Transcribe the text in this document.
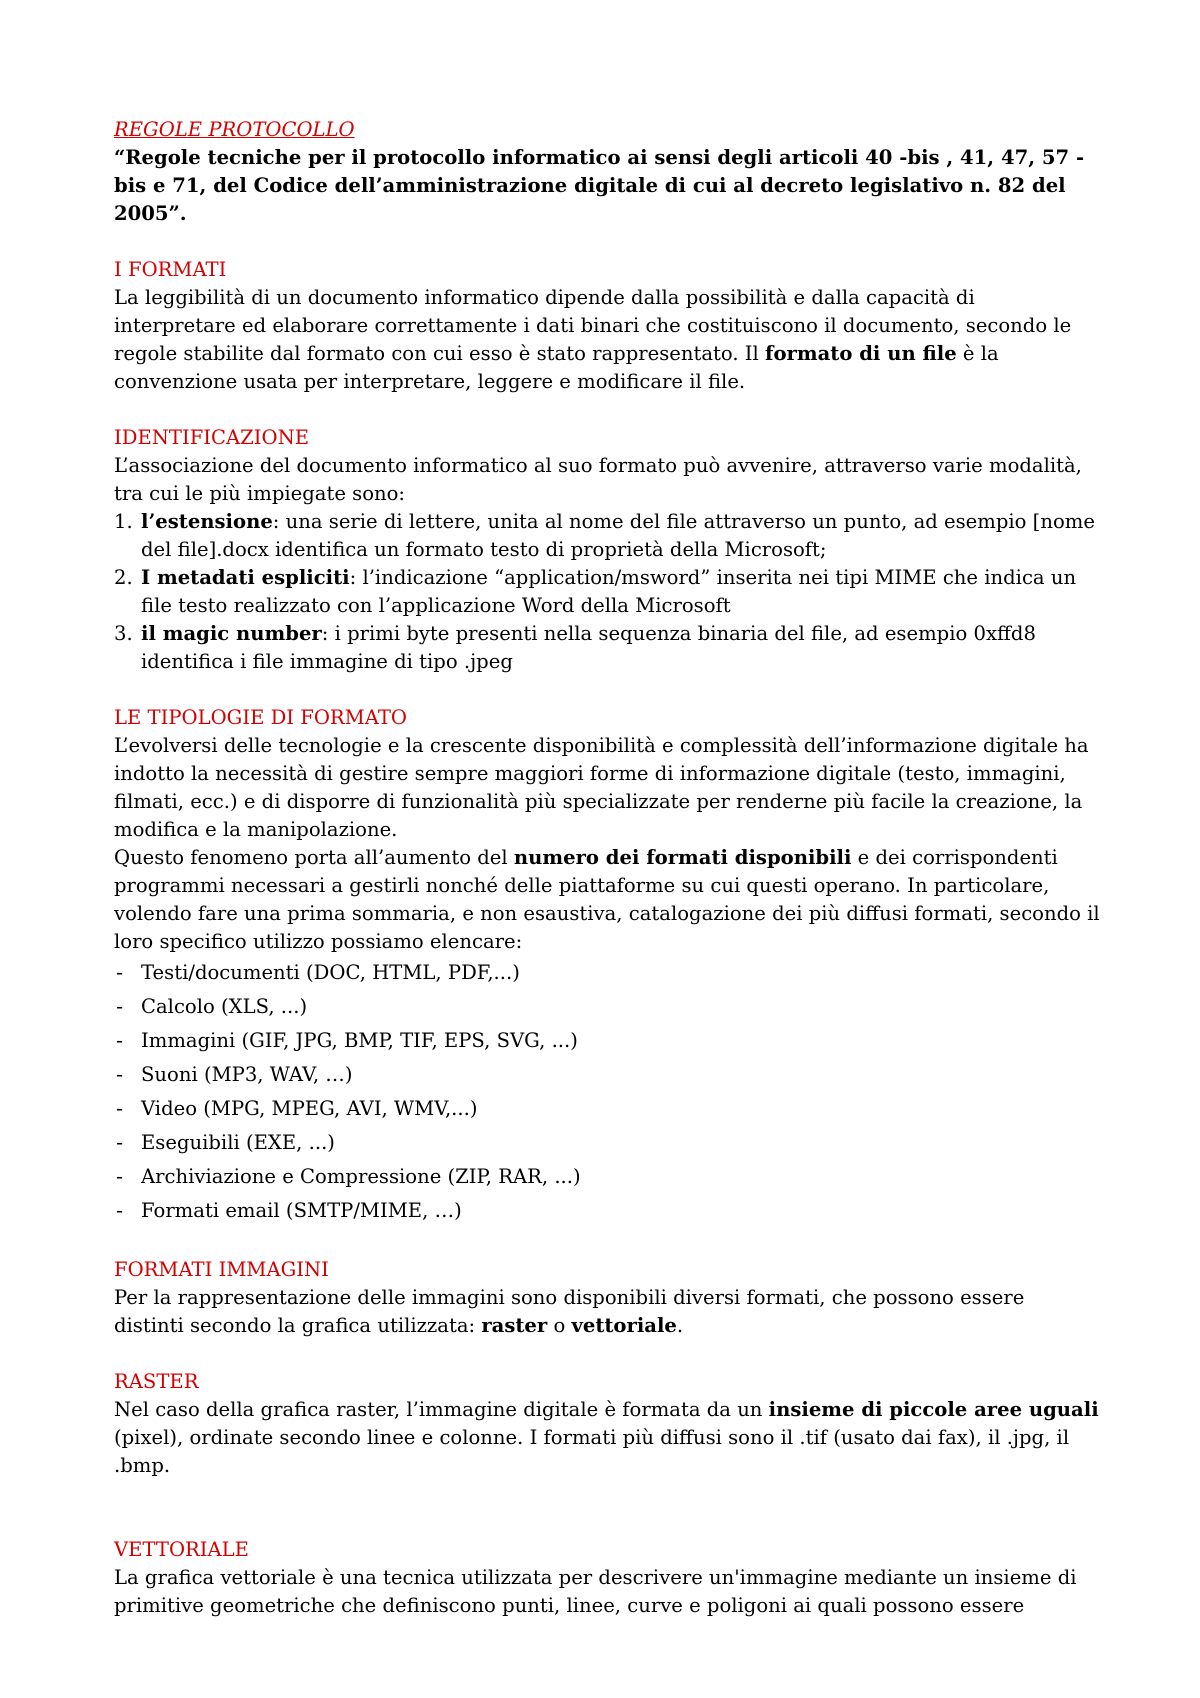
REGOLE PROTOCOLLO

“Regole tecniche per il protocollo informatico ai sensi degli articoli 40 -bis , 41, 47, 57 -bis e 71, del Codice dell’amministrazione digitale di cui al decreto legislativo n. 82 del 2005”.

I FORMATI

La leggibilità di un documento informatico dipende dalla possibilità e dalla capacità di interpretare ed elaborare correttamente i dati binari che costituiscono il documento, secondo le regole stabilite dal formato con cui esso è stato rappresentato. Il formato di un file è la convenzione usata per interpretare, leggere e modificare il file.

IDENTIFICAZIONE

L’associazione del documento informatico al suo formato può avvenire, attraverso varie modalità, tra cui le più impiegate sono:

1. l’estensione: una serie di lettere, unita al nome del file attraverso un punto, ad esempio [nome del file].docx identifica un formato testo di proprietà della Microsoft;
2. I metadati espliciti: l’indicazione “application/msword” inserita nei tipi MIME che indica un file testo realizzato con l’applicazione Word della Microsoft
3. il magic number: i primi byte presenti nella sequenza binaria del file, ad esempio 0xffd8 identifica i file immagine di tipo .jpeg
LE TIPOLOGIE DI FORMATO

L’evolversi delle tecnologie e la crescente disponibilità e complessità dell’informazione digitale ha indotto la necessità di gestire sempre maggiori forme di informazione digitale (testo, immagini, filmati, ecc.) e di disporre di funzionalità più specializzate per renderne più facile la creazione, la modifica e la manipolazione.

Questo fenomeno porta all’aumento del numero dei formati disponibili e dei corrispondenti programmi necessari a gestirli nonché delle piattaforme su cui questi operano. In particolare, volendo fare una prima sommaria, e non esaustiva, catalogazione dei più diffusi formati, secondo il loro specifico utilizzo possiamo elencare:

- Testi/documenti (DOC, HTML, PDF,...)
- Calcolo (XLS, ...)
- Immagini (GIF, JPG, BMP, TIF, EPS, SVG, ...)
- Suoni (MP3, WAV, …)
- Video (MPG, MPEG, AVI, WMV,...)
- Eseguibili (EXE, ...)
- Archiviazione e Compressione (ZIP, RAR, ...)
- Formati email (SMTP/MIME, …)
FORMATI IMMAGINI

Per la rappresentazione delle immagini sono disponibili diversi formati, che possono essere distinti secondo la grafica utilizzata: raster o vettoriale.

RASTER

Nel caso della grafica raster, l’immagine digitale è formata da un insieme di piccole aree uguali (pixel), ordinate secondo linee e colonne. I formati più diffusi sono il .tif (usato dai fax), il .jpg, il .bmp.

VETTORIALE

La grafica vettoriale è una tecnica utilizzata per descrivere un'immagine mediante un insieme di primitive geometriche che definiscono punti, linee, curve e poligoni ai quali possono essere
